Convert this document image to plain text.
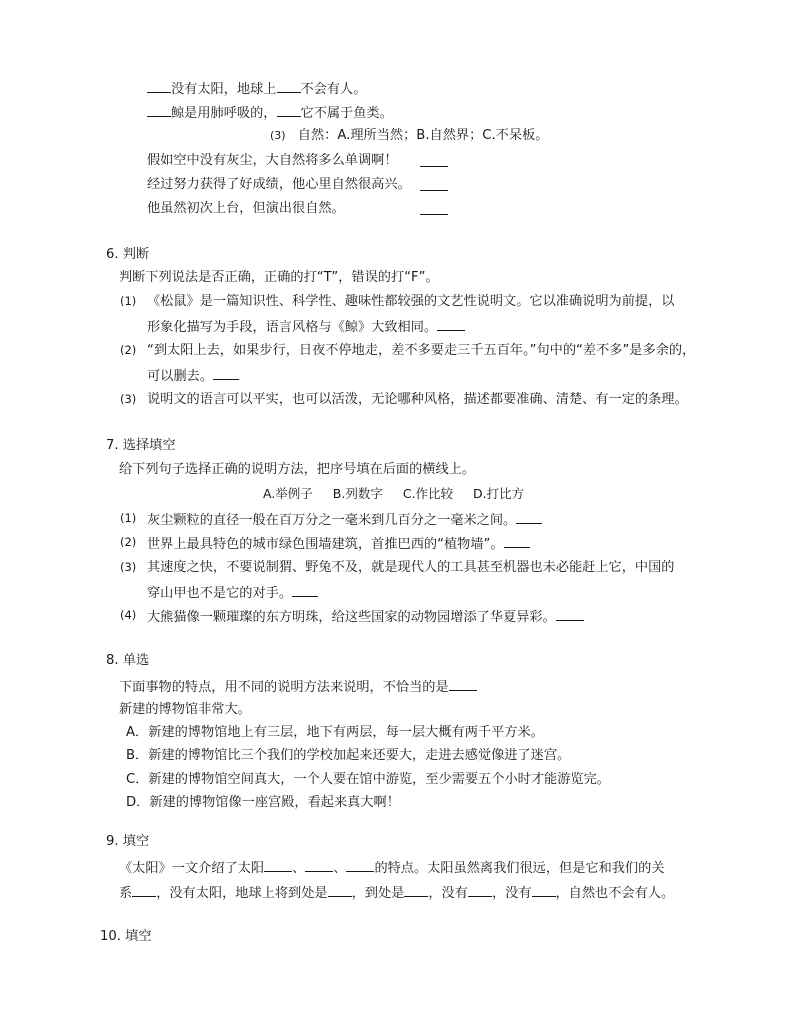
没有太阳，地球上 不会有人。
鲸是用肺呼吸的， 它不属于鱼类。
(3) 自然：A.理所当然；B.自然界；C.不呆板。
假如空中没有灰尘，大自然将多么单调啊！
经过努力获得了好成绩，他心里自然很高兴。
他虽然初次上台，但演出很自然。
6. 判断
判断下列说法是否正确，正确的打“T”，错误的打“F”。
(1) 《松鼠》是一篇知识性、科学性、趣味性都较强的文艺性说明文。它以准确说明为前提，以
形象化描写为手段，语言风格与《鲸》大致相同。
(2) “到太阳上去，如果步行，日夜不停地走，差不多要走三千五百年。”句中的“差不多”是多余的，
可以删去。
(3) 说明文的语言可以平实，也可以活泼，无论哪种风格，描述都要准确、清楚、有一定的条理。
7. 选择填空
给下列句子选择正确的说明方法，把序号填在后面的横线上。
A.举例子 B.列数字 C.作比较 D.打比方
(1) 灰尘颗粒的直径一般在百万分之一毫米到几百分之一毫米之间。
(2) 世界上最具特色的城市绿色围墙建筑，首推巴西的“植物墙”。
(3) 其速度之快，不要说制猬、野兔不及，就是现代人的工具甚至机器也未必能赶上它，中国的
穿山甲也不是它的对手。
(4) 大熊猫像一颗璀璨的东方明珠，给这些国家的动物园增添了华夏异彩。
8. 单选
下面事物的特点，用不同的说明方法来说明，不恰当的是
新建的博物馆非常大。
A．新建的博物馆地上有三层，地下有两层，每一层大概有两千平方米。
B．新建的博物馆比三个我们的学校加起来还要大，走进去感觉像进了迷宫。
C．新建的博物馆空间真大，一个人要在馆中游览，至少需要五个小时才能游览完。
D．新建的博物馆像一座宫殿，看起来真大啊！
9. 填空
《太阳》一文介绍了太阳 、 、 的特点。太阳虽然离我们很远，但是它和我们的关
系 ，没有太阳，地球上将到处是 ，到处是 ，没有 ，没有 ，自然也不会有人。
10. 填空
